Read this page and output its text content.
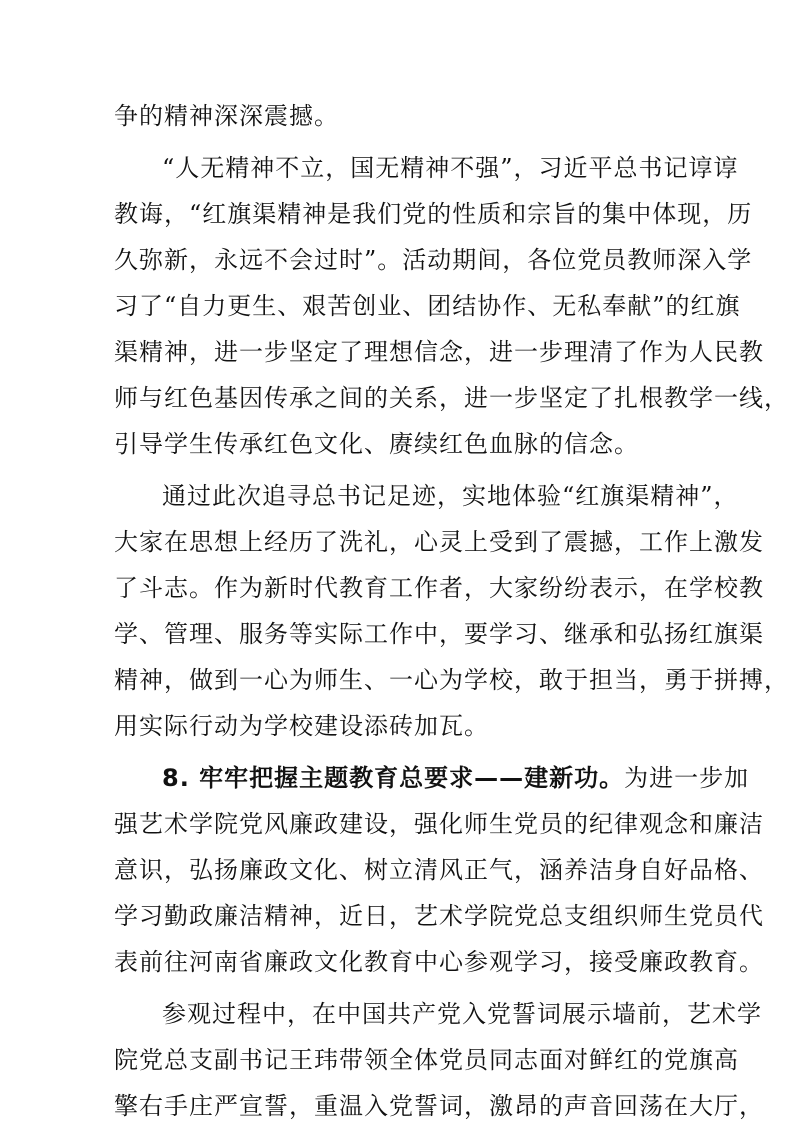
争的精神深深震撼。
“人无精神不立，国无精神不强”，习近平总书记谆谆
教诲，“红旗渠精神是我们党的性质和宗旨的集中体现，历
久弥新，永远不会过时”。活动期间，各位党员教师深入学
习了“自力更生、艰苦创业、团结协作、无私奉献”的红旗
渠精神，进一步坚定了理想信念，进一步理清了作为人民教
师与红色基因传承之间的关系，进一步坚定了扎根教学一线，
引导学生传承红色文化、赓续红色血脉的信念。
通过此次追寻总书记足迹，实地体验“红旗渠精神”，
大家在思想上经历了洗礼，心灵上受到了震撼，工作上激发
了斗志。作为新时代教育工作者，大家纷纷表示，在学校教
学、管理、服务等实际工作中，要学习、继承和弘扬红旗渠
精神，做到一心为师生、一心为学校，敢于担当，勇于拼搏，
用实际行动为学校建设添砖加瓦。
8. 牢牢把握主题教育总要求——建新功。为进一步加
强艺术学院党风廉政建设，强化师生党员的纪律观念和廉洁
意识，弘扬廉政文化、树立清风正气，涵养洁身自好品格、
学习勤政廉洁精神，近日，艺术学院党总支组织师生党员代
表前往河南省廉政文化教育中心参观学习，接受廉政教育。
参观过程中，在中国共产党入党誓词展示墙前，艺术学
院党总支副书记王玮带领全体党员同志面对鲜红的党旗高
擎右手庄严宣誓，重温入党誓词，激昂的声音回荡在大厅，
